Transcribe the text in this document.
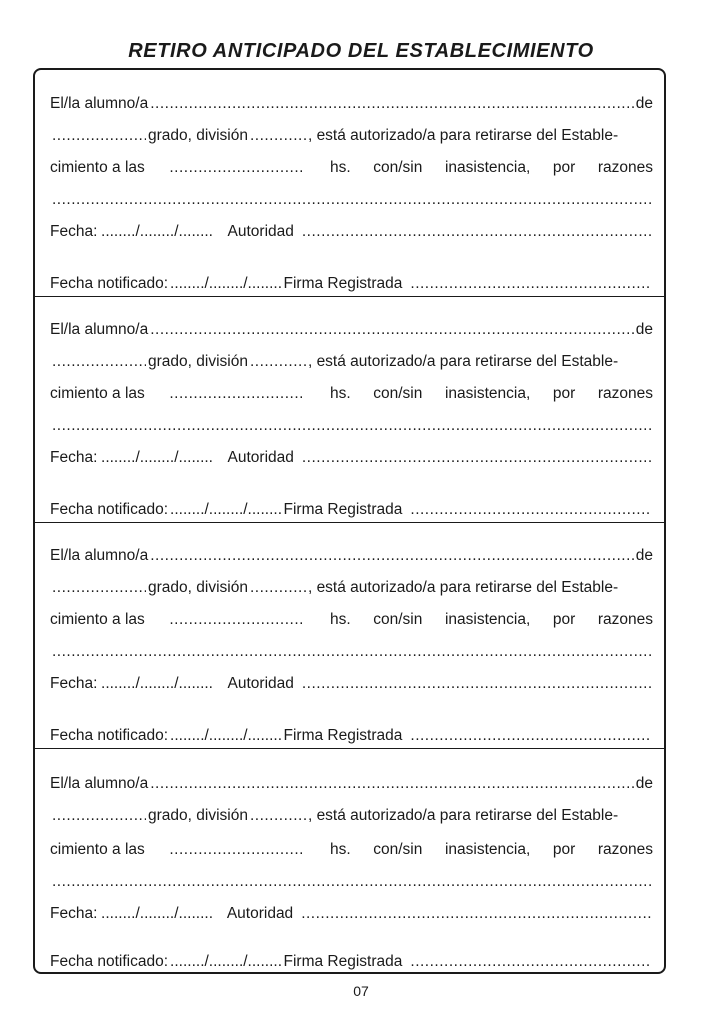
RETIRO ANTICIPADO DEL ESTABLECIMIENTO
El/la alumno/a .....	de
.....
grado, división .....	, está autorizado/a para retirarse del Estable-
cimiento a las .....	hs. con/sin inasistencia, por razones
.....
Fecha: ......../......../........ Autoridad
.....
Fecha notificado: ......../......../........ Firma Registrada
.....
El/la alumno/a .....	de
.....
grado, división .....	, está autorizado/a para retirarse del Estable-
cimiento a las .....	hs. con/sin inasistencia, por razones
.....
Fecha: ......../......../........ Autoridad
.....
Fecha notificado: ......../......../........ Firma Registrada
.....
El/la alumno/a .....	de
.....
grado, división .....	, está autorizado/a para retirarse del Estable-
cimiento a las .....	hs. con/sin inasistencia, por razones
.....
Fecha: ......../......../........ Autoridad
.....
Fecha notificado: ......../......../........ Firma Registrada
.....
El/la alumno/a .....	de
.....
grado, división .....	, está autorizado/a para retirarse del Estable-
cimiento a las .....	hs. con/sin inasistencia, por razones
.....
Fecha: ......../......../........ Autoridad
.....
Fecha notificado: ......../......../........ Firma Registrada
.....
07
